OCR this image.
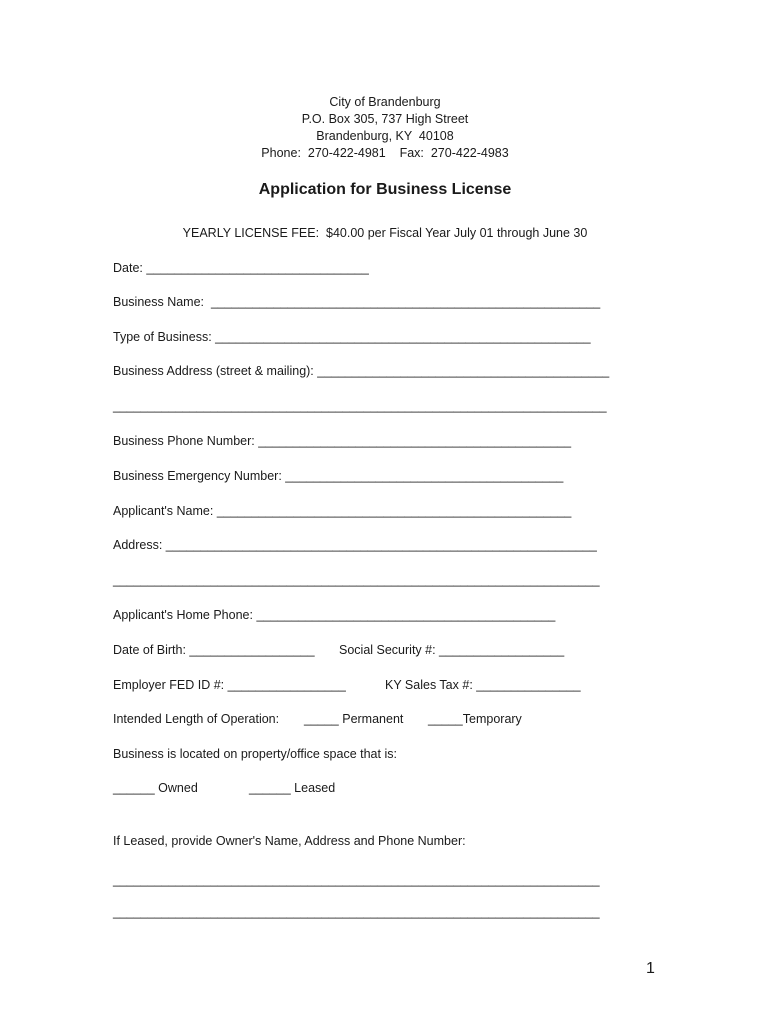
City of Brandenburg
P.O. Box 305, 737 High Street
Brandenburg, KY  40108
Phone:  270-422-4981    Fax:  270-422-4983
Application for Business License
YEARLY LICENSE FEE:  $40.00 per Fiscal Year July 01 through June 30
Date: ________________________________
Business Name:  ________________________________________________________
Type of Business: ______________________________________________________
Business Address (street & mailing): __________________________________________
_______________________________________________________________________
Business Phone Number: _____________________________________________
Business Emergency Number: ________________________________________
Applicant's Name: ___________________________________________________
Address: ______________________________________________________________
______________________________________________________________________
Applicant's Home Phone: ___________________________________________
Date of Birth: __________________ Social Security #: __________________
Employer FED ID #: _________________	KY Sales Tax #: _______________
Intended Length of Operation: _____ Permanent _____Temporary
Business is located on property/office space that is:
______ Owned	______ Leased
If Leased, provide Owner's Name, Address and Phone Number:
______________________________________________________________________
______________________________________________________________________
1
